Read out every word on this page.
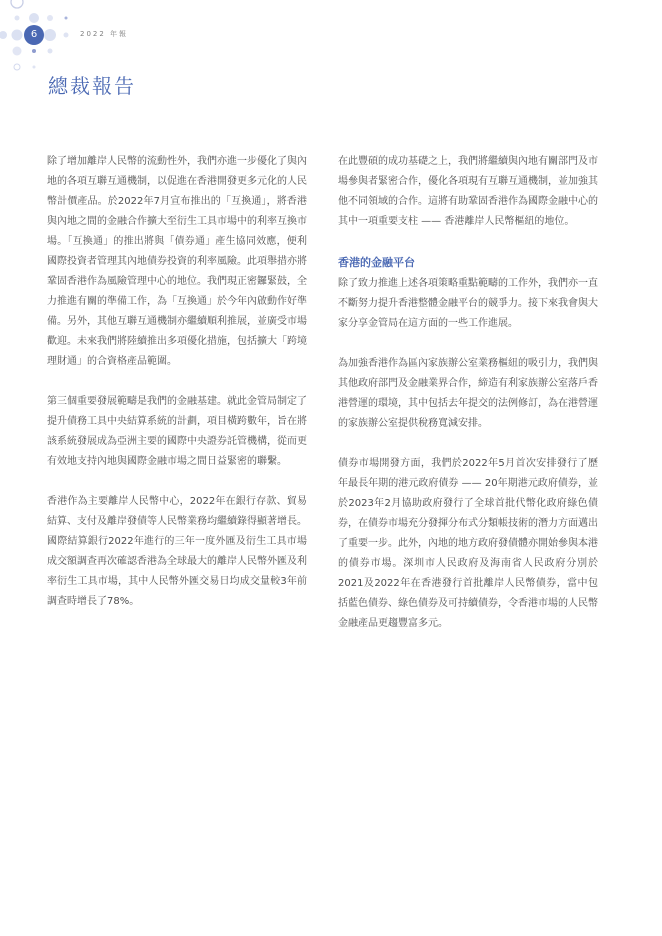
6	2022 年報
總裁報告

除了增加離岸人民幣的流動性外，我們亦進一步優化了與內地的各項互聯互通機制，以促進在香港開發更多元化的人民幣計價產品。於2022年7月宣布推出的「互換通」，將香港與內地之間的金融合作擴大至衍生工具市場中的利率互換市場。「互換通」的推出將與「債券通」產生協同效應，便利國際投資者管理其內地債券投資的利率風險。此項舉措亦將鞏固香港作為風險管理中心的地位。我們現正密鑼緊鼓，全力推進有關的準備工作，為「互換通」於今年內啟動作好準備。另外，其他互聯互通機制亦繼續順利推展，並廣受市場歡迎。未來我們將陸續推出多項優化措施，包括擴大「跨境理財通」的合資格產品範圍。

第三個重要發展範疇是我們的金融基建。就此金管局制定了提升債務工具中央結算系統的計劃，項目橫跨數年，旨在將該系統發展成為亞洲主要的國際中央證券託管機構，從而更有效地支持內地與國際金融市場之間日益緊密的聯繫。

香港作為主要離岸人民幣中心，2022年在銀行存款、貿易結算、支付及離岸發債等人民幣業務均繼續錄得顯著增長。國際結算銀行2022年進行的三年一度外匯及衍生工具市場成交額調查再次確認香港為全球最大的離岸人民幣外匯及利率衍生工具市場，其中人民幣外匯交易日均成交量較3年前調查時增長了78%。

在此豐碩的成功基礎之上，我們將繼續與內地有關部門及市場參與者緊密合作，優化各項現有互聯互通機制，並加強其他不同領域的合作。這將有助鞏固香港作為國際金融中心的其中一項重要支柱 —— 香港離岸人民幣樞紐的地位。

香港的金融平台

除了致力推進上述各項策略重點範疇的工作外，我們亦一直不斷努力提升香港整體金融平台的競爭力。接下來我會與大家分享金管局在這方面的一些工作進展。

為加強香港作為區內家族辦公室業務樞紐的吸引力，我們與其他政府部門及金融業界合作，締造有利家族辦公室落戶香港營運的環境，其中包括去年提交的法例修訂，為在港營運的家族辦公室提供稅務寬減安排。

債券市場開發方面，我們於2022年5月首次安排發行了歷年最長年期的港元政府債券 —— 20年期港元政府債券，並於2023年2月協助政府發行了全球首批代幣化政府綠色債券，在債券市場充分發揮分布式分類帳技術的潛力方面邁出了重要一步。此外，內地的地方政府發債體亦開始參與本港的債券市場。深圳市人民政府及海南省人民政府分別於2021及2022年在香港發行首批離岸人民幣債券，當中包括藍色債券、綠色債券及可持續債券，令香港市場的人民幣金融產品更趨豐富多元。
